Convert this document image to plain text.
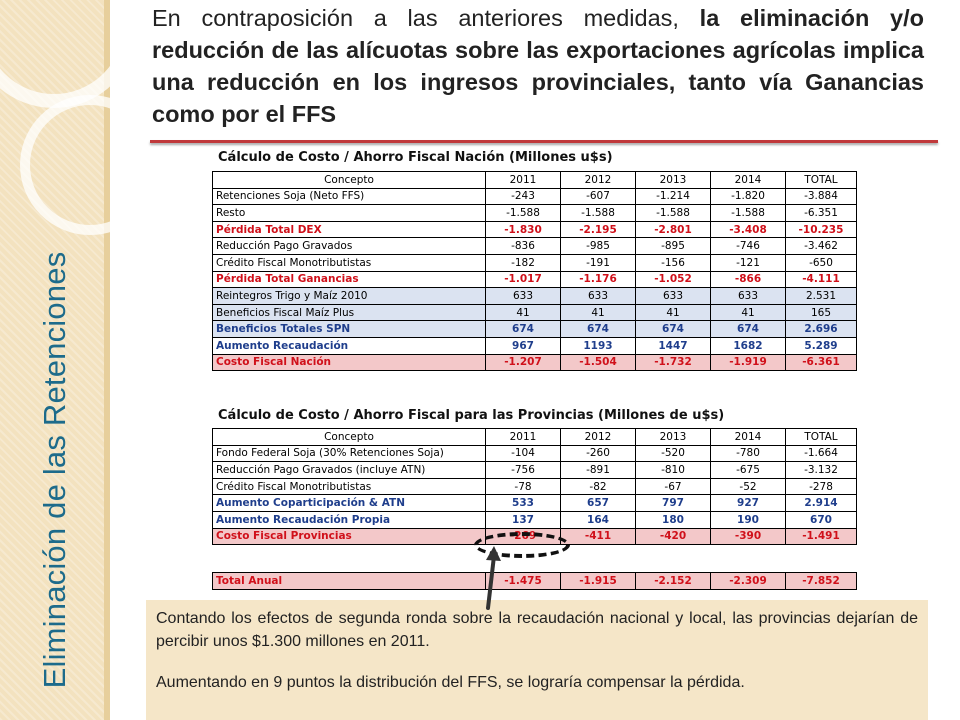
Eliminación de las Retenciones
En contraposición a las anteriores medidas, la eliminación y/o reducción de las alícuotas sobre las exportaciones agrícolas implica una reducción en los ingresos provinciales, tanto vía Ganancias como por el FFS
Cálculo de Costo / Ahorro Fiscal Nación (Millones u$s)
Concepto	2011	2012	2013	2014	TOTAL
Retenciones Soja (Neto FFS)	-243	-607	-1.214	-1.820	-3.884
Resto	-1.588	-1.588	-1.588	-1.588	-6.351
Pérdida Total DEX	-1.830	-2.195	-2.801	-3.408	-10.235
Reducción Pago Gravados	-836	-985	-895	-746	-3.462
Crédito Fiscal Monotributistas	-182	-191	-156	-121	-650
Pérdida Total Ganancias	-1.017	-1.176	-1.052	-866	-4.111
Reintegros Trigo y Maíz 2010	633	633	633	633	2.531
Beneficios Fiscal Maíz Plus	41	41	41	41	165
Beneficios Totales SPN	674	674	674	674	2.696
Aumento Recaudación	967	1193	1447	1682	5.289
Costo Fiscal Nación	-1.207	-1.504	-1.732	-1.919	-6.361
Cálculo de Costo / Ahorro Fiscal para las Provincias (Millones de u$s)
Concepto	2011	2012	2013	2014	TOTAL
Fondo Federal Soja (30% Retenciones Soja)	-104	-260	-520	-780	-1.664
Reducción Pago Gravados (incluye ATN)	-756	-891	-810	-675	-3.132
Crédito Fiscal Monotributistas	-78	-82	-67	-52	-278
Aumento Coparticipación & ATN	533	657	797	927	2.914
Aumento Recaudación Propia	137	164	180	190	670
Costo Fiscal Provincias	-269	-411	-420	-390	-1.491
Total Anual	-1.475	-1.915	-2.152	-2.309	-7.852

Contando los efectos de segunda ronda sobre la recaudación nacional y local, las provincias dejarían de percibir unos $1.300 millones en 2011.

Aumentando en 9 puntos la distribución del FFS, se lograría compensar la pérdida.
